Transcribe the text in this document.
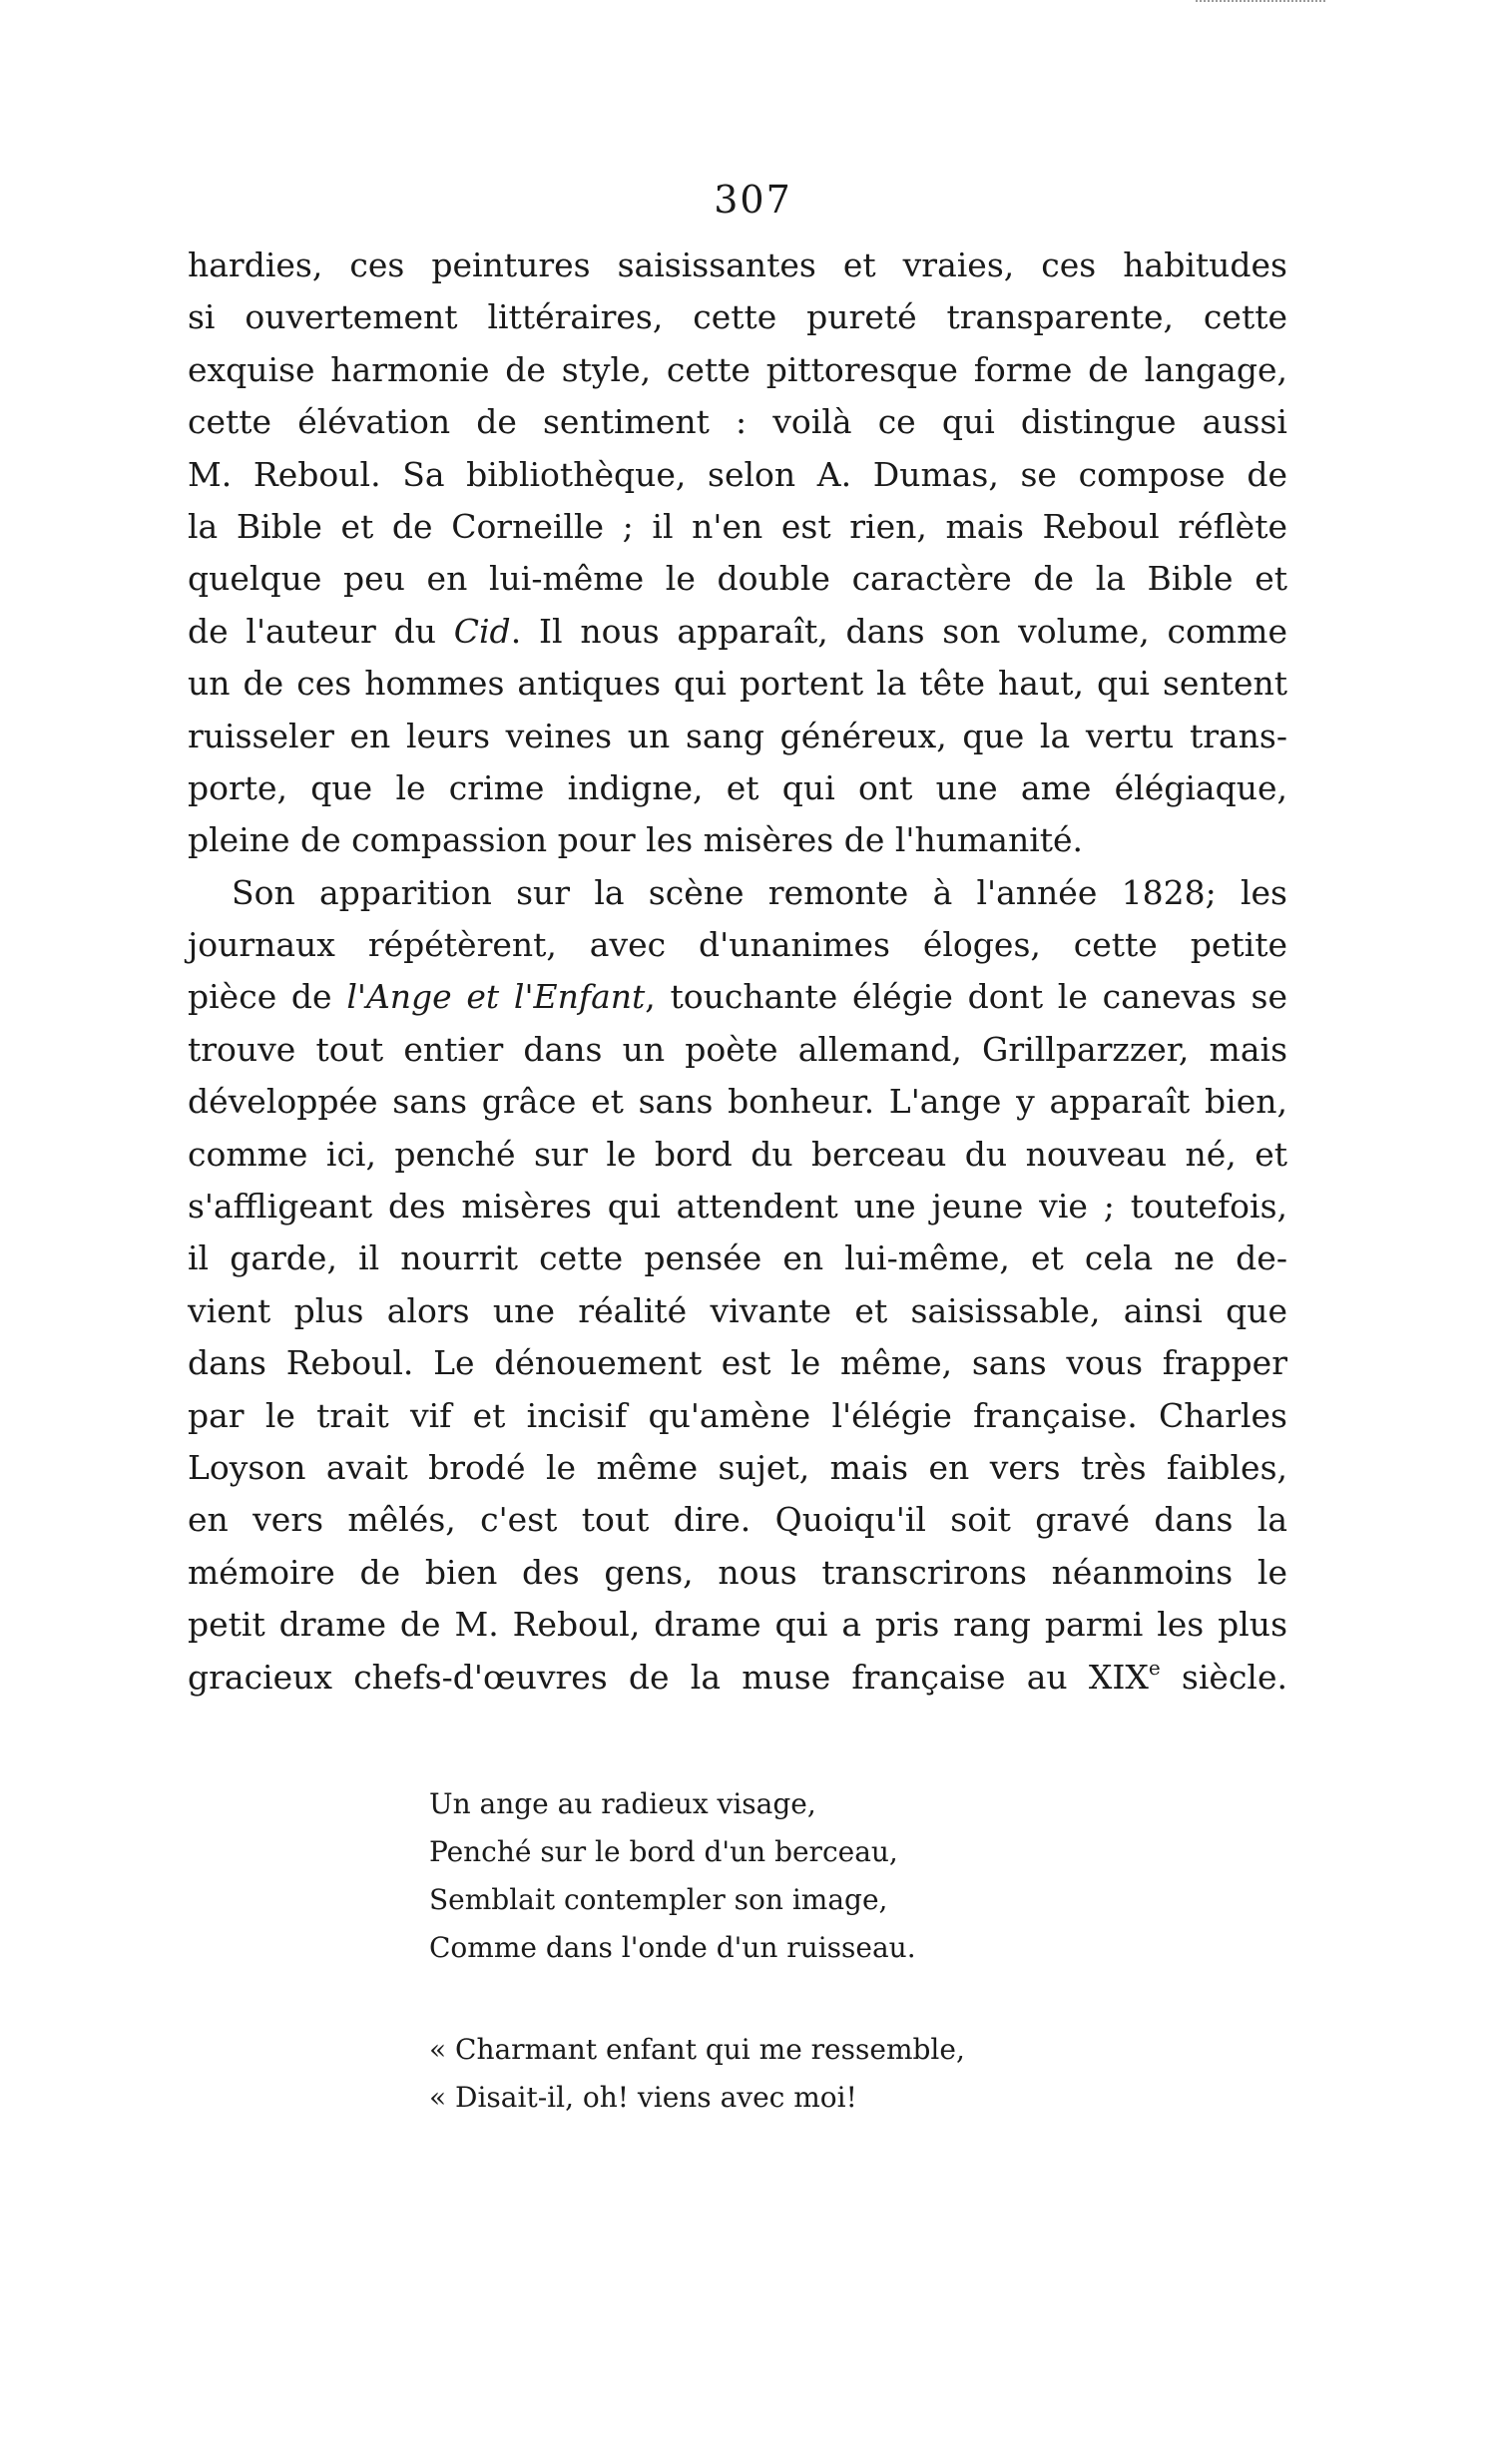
307
hardies, ces peintures saisissantes et vraies, ces habitudes
si ouvertement littéraires, cette pureté transparente, cette
exquise harmonie de style, cette pittoresque forme de langage,
cette élévation de sentiment : voilà ce qui distingue aussi
M. Reboul. Sa bibliothèque, selon A. Dumas, se compose de
la Bible et de Corneille ; il n'en est rien, mais Reboul réflète
quelque peu en lui-même le double caractère de la Bible et
de l'auteur du Cid. Il nous apparaît, dans son volume, comme
un de ces hommes antiques qui portent la tête haut, qui sentent
ruisseler en leurs veines un sang généreux, que la vertu trans-
porte, que le crime indigne, et qui ont une ame élégiaque,
pleine de compassion pour les misères de l'humanité.
Son apparition sur la scène remonte à l'année 1828; les
journaux répétèrent, avec d'unanimes éloges, cette petite
pièce de l'Ange et l'Enfant, touchante élégie dont le canevas se
trouve tout entier dans un poète allemand, Grillparzzer, mais
développée sans grâce et sans bonheur. L'ange y apparaît bien,
comme ici, penché sur le bord du berceau du nouveau né, et
s'affligeant des misères qui attendent une jeune vie ; toutefois,
il garde, il nourrit cette pensée en lui-même, et cela ne de-
vient plus alors une réalité vivante et saisissable, ainsi que
dans Reboul. Le dénouement est le même, sans vous frapper
par le trait vif et incisif qu'amène l'élégie française. Charles
Loyson avait brodé le même sujet, mais en vers très faibles,
en vers mêlés, c'est tout dire. Quoiqu'il soit gravé dans la
mémoire de bien des gens, nous transcrirons néanmoins le
petit drame de M. Reboul, drame qui a pris rang parmi les plus
gracieux chefs-d'œuvres de la muse française au XIXe siècle.
Un ange au radieux visage,
Penché sur le bord d'un berceau,
Semblait contempler son image,
Comme dans l'onde d'un ruisseau.
« Charmant enfant qui me ressemble,
« Disait-il, oh! viens avec moi!
